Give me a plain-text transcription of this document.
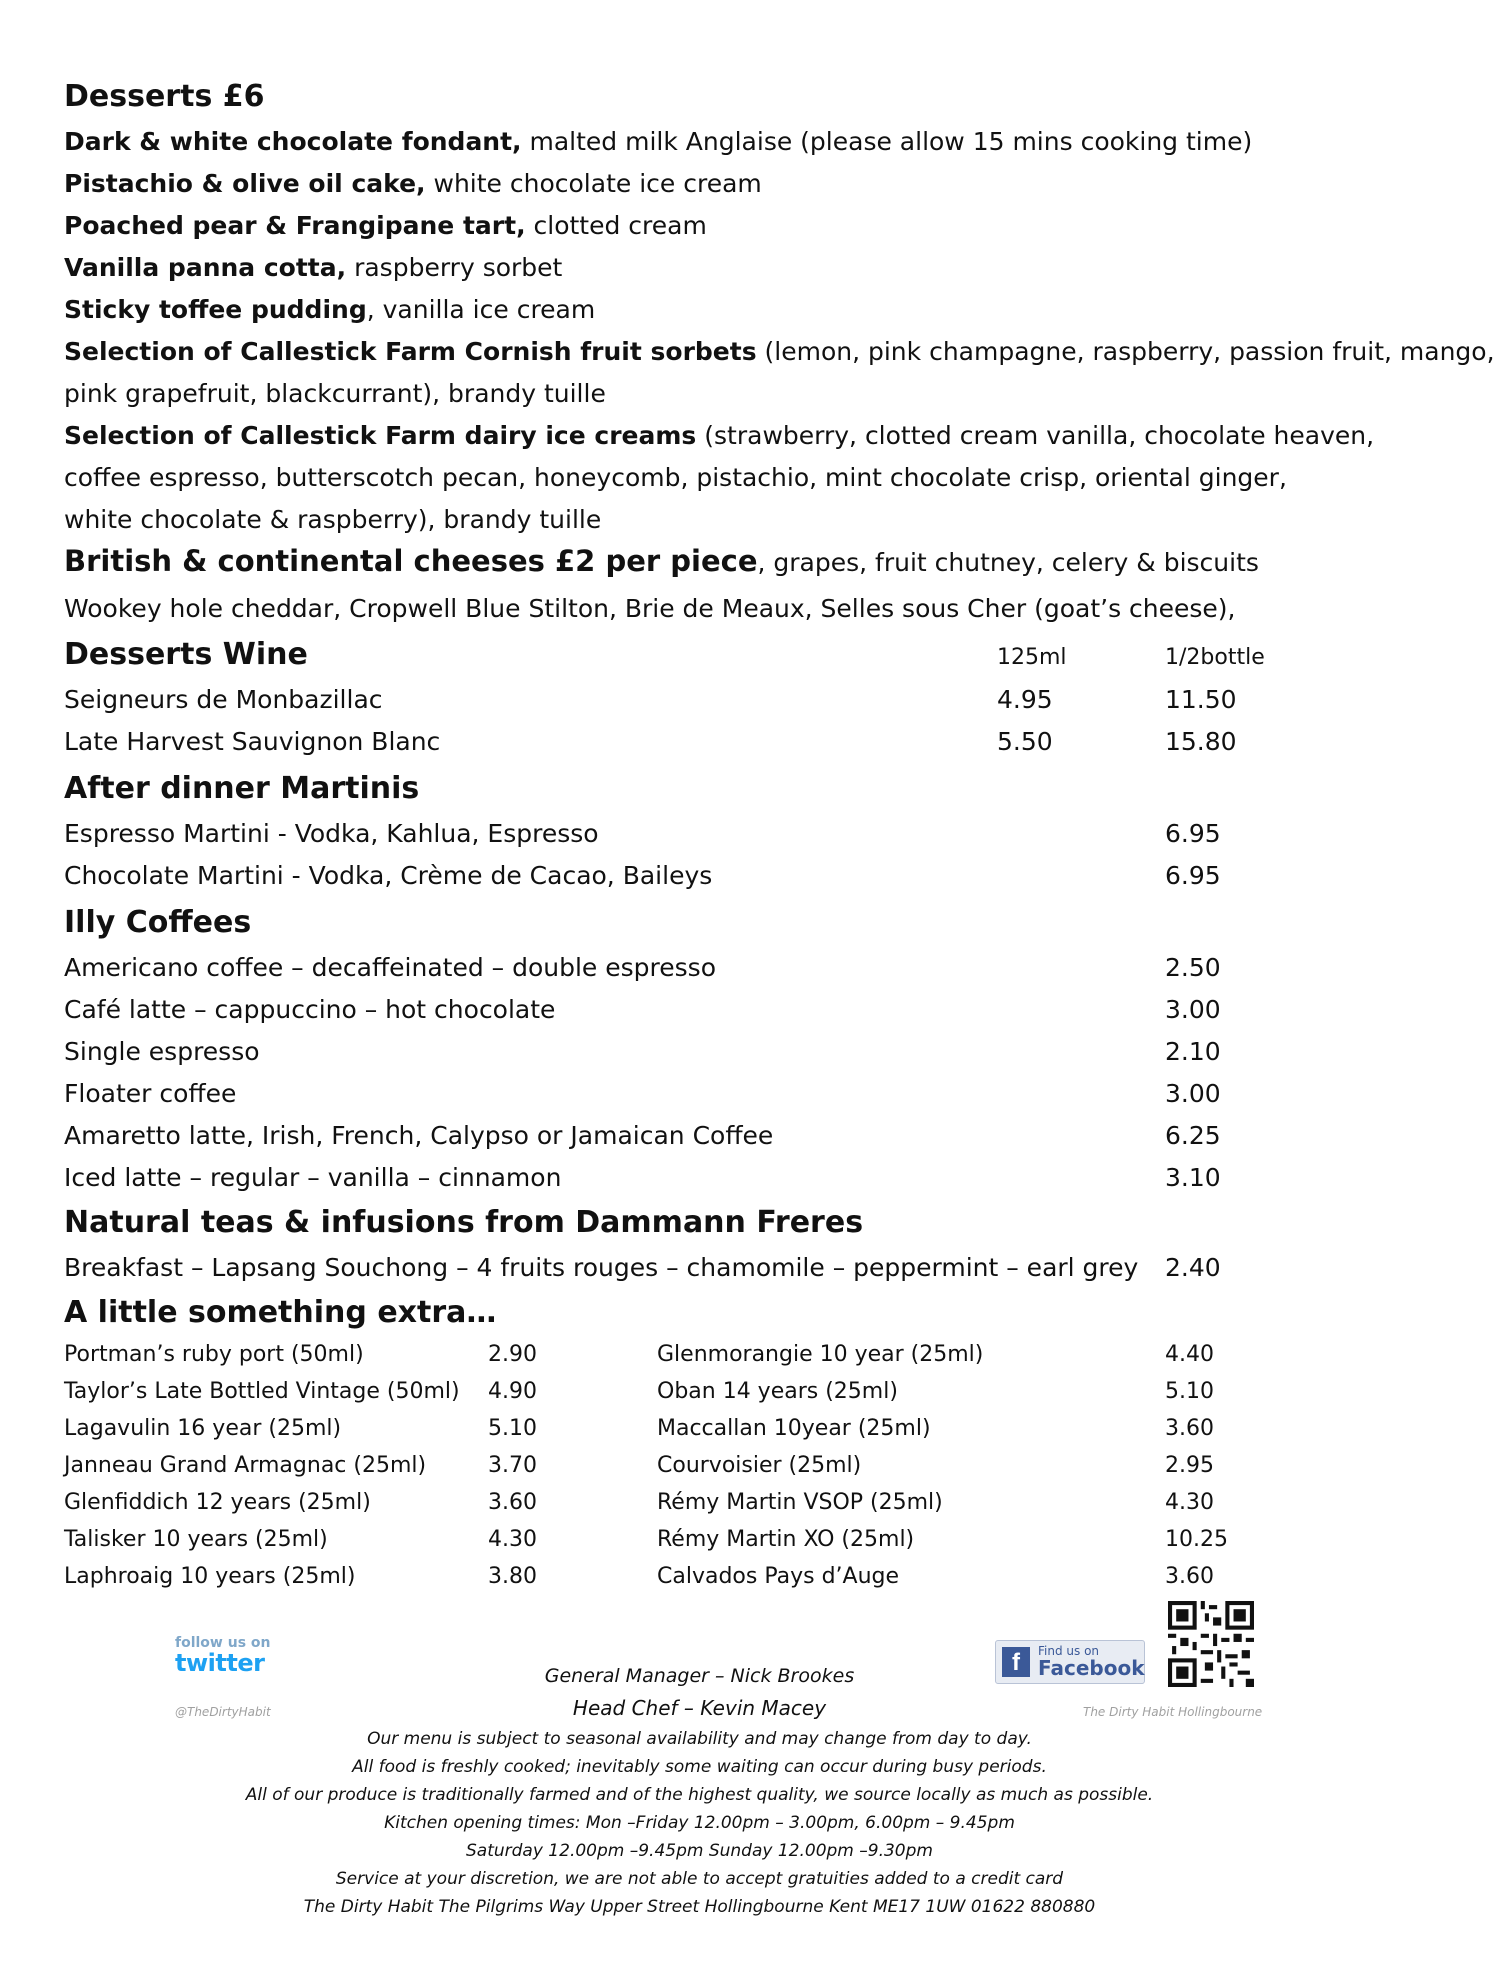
Desserts £6
Dark & white chocolate fondant, malted milk Anglaise (please allow 15 mins cooking time)
Pistachio & olive oil cake, white chocolate ice cream
Poached pear & Frangipane tart, clotted cream
Vanilla panna cotta, raspberry sorbet
Sticky toffee pudding, vanilla ice cream
Selection of Callestick Farm Cornish fruit sorbets (lemon, pink champagne, raspberry, passion fruit, mango,
pink grapefruit, blackcurrant), brandy tuille
Selection of Callestick Farm dairy ice creams (strawberry, clotted cream vanilla, chocolate heaven,
coffee espresso, butterscotch pecan, honeycomb, pistachio, mint chocolate crisp, oriental ginger,
white chocolate & raspberry), brandy tuille
British & continental cheeses £2 per piece, grapes, fruit chutney, celery & biscuits
Wookey hole cheddar, Cropwell Blue Stilton, Brie de Meaux, Selles sous Cher (goat’s cheese),
Desserts Wine	125ml	1/2bottle
Seigneurs de Monbazillac	4.95	11.50
Late Harvest Sauvignon Blanc	5.50	15.80
After dinner Martinis
Espresso Martini - Vodka, Kahlua, Espresso	6.95
Chocolate Martini - Vodka, Crème de Cacao, Baileys	6.95
Illy Coffees
Americano coffee – decaffeinated – double espresso	2.50
Café latte – cappuccino – hot chocolate	3.00
Single espresso	2.10
Floater coffee	3.00
Amaretto latte, Irish, French, Calypso or Jamaican Coffee	6.25
Iced latte – regular – vanilla – cinnamon	3.10
Natural teas & infusions from Dammann Freres
Breakfast – Lapsang Souchong – 4 fruits rouges – chamomile – peppermint – earl grey 2.40
A little something extra…
Portman’s ruby port (50ml)	2.90
Taylor’s Late Bottled Vintage (50ml) 4.90
Lagavulin 16 year (25ml)	5.10
Janneau Grand Armagnac (25ml)	3.70
Glenfiddich 12 years (25ml)	3.60
Talisker 10 years (25ml)	4.30
Laphroaig 10 years (25ml)	3.80
Glenmorangie 10 year (25ml)	4.40
Oban 14 years (25ml)	5.10
Maccallan 10year (25ml)	3.60
Courvoisier (25ml)	2.95
Rémy Martin VSOP (25ml)	4.30
Rémy Martin XO (25ml)	10.25
Calvados Pays d’Auge	3.60
follow us on
twitter
@TheDirtyHabit
f	Find us on
Facebook
The Dirty Habit Hollingbourne
General Manager – Nick Brookes
Head Chef – Kevin Macey
Our menu is subject to seasonal availability and may change from day to day.
All food is freshly cooked; inevitably some waiting can occur during busy periods.
All of our produce is traditionally farmed and of the highest quality, we source locally as much as possible.
Kitchen opening times: Mon –Friday 12.00pm – 3.00pm, 6.00pm – 9.45pm
Saturday 12.00pm –9.45pm Sunday 12.00pm –9.30pm
Service at your discretion, we are not able to accept gratuities added to a credit card
The Dirty Habit The Pilgrims Way Upper Street Hollingbourne Kent ME17 1UW 01622 880880
